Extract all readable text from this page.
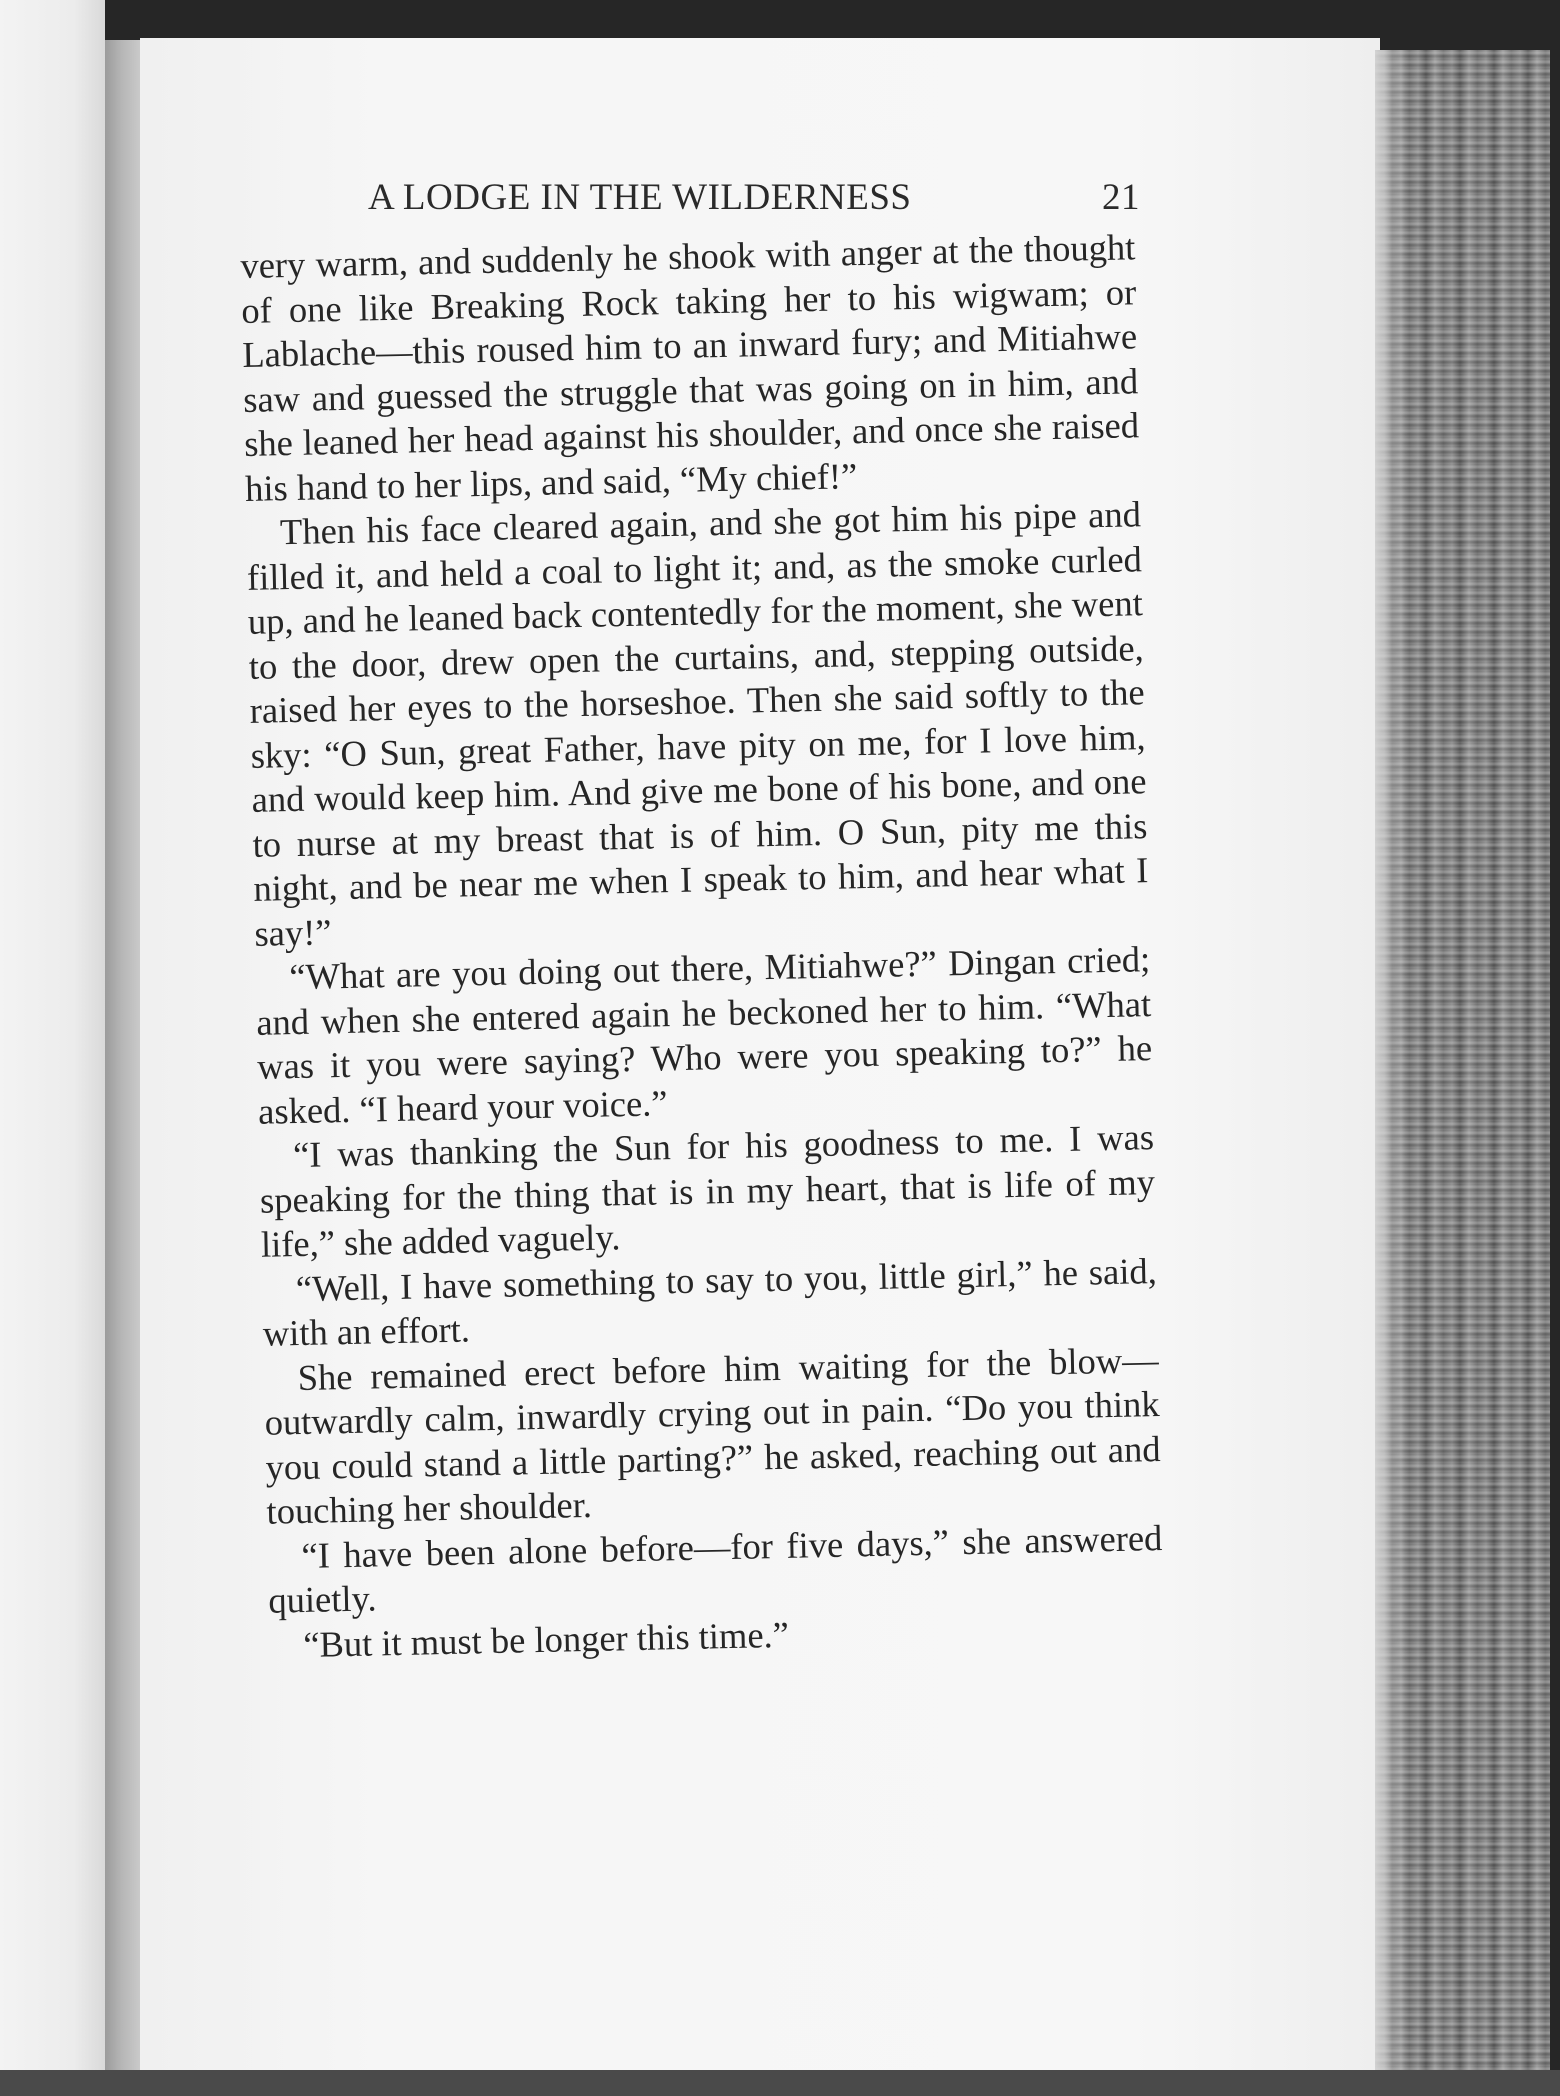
A LODGE IN THE WILDERNESS	21

very warm, and suddenly he shook with anger at the thought of one like Breaking Rock taking her to his wigwam; or Lablache—this roused him to an inward fury; and Mitiahwe saw and guessed the struggle that was going on in him, and she leaned her head against his shoulder, and once she raised his hand to her lips, and said, “My chief!”

Then his face cleared again, and she got him his pipe and filled it, and held a coal to light it; and, as the smoke curled up, and he leaned back contentedly for the moment, she went to the door, drew open the curtains, and, stepping outside, raised her eyes to the horseshoe. Then she said softly to the sky: “O Sun, great Father, have pity on me, for I love him, and would keep him. And give me bone of his bone, and one to nurse at my breast that is of him. O Sun, pity me this night, and be near me when I speak to him, and hear what I say!”

“What are you doing out there, Mitiahwe?” Dingan cried; and when she entered again he beckoned her to him. “What was it you were saying? Who were you speaking to?” he asked. “I heard your voice.”

“I was thanking the Sun for his goodness to me. I was speaking for the thing that is in my heart, that is life of my life,” she added vaguely.

“Well, I have something to say to you, little girl,” he said, with an effort.

She remained erect before him waiting for the blow—outwardly calm, inwardly crying out in pain. “Do you think you could stand a little parting?” he asked, reaching out and touching her shoulder.

“I have been alone before—for five days,” she answered quietly.

“But it must be longer this time.”
